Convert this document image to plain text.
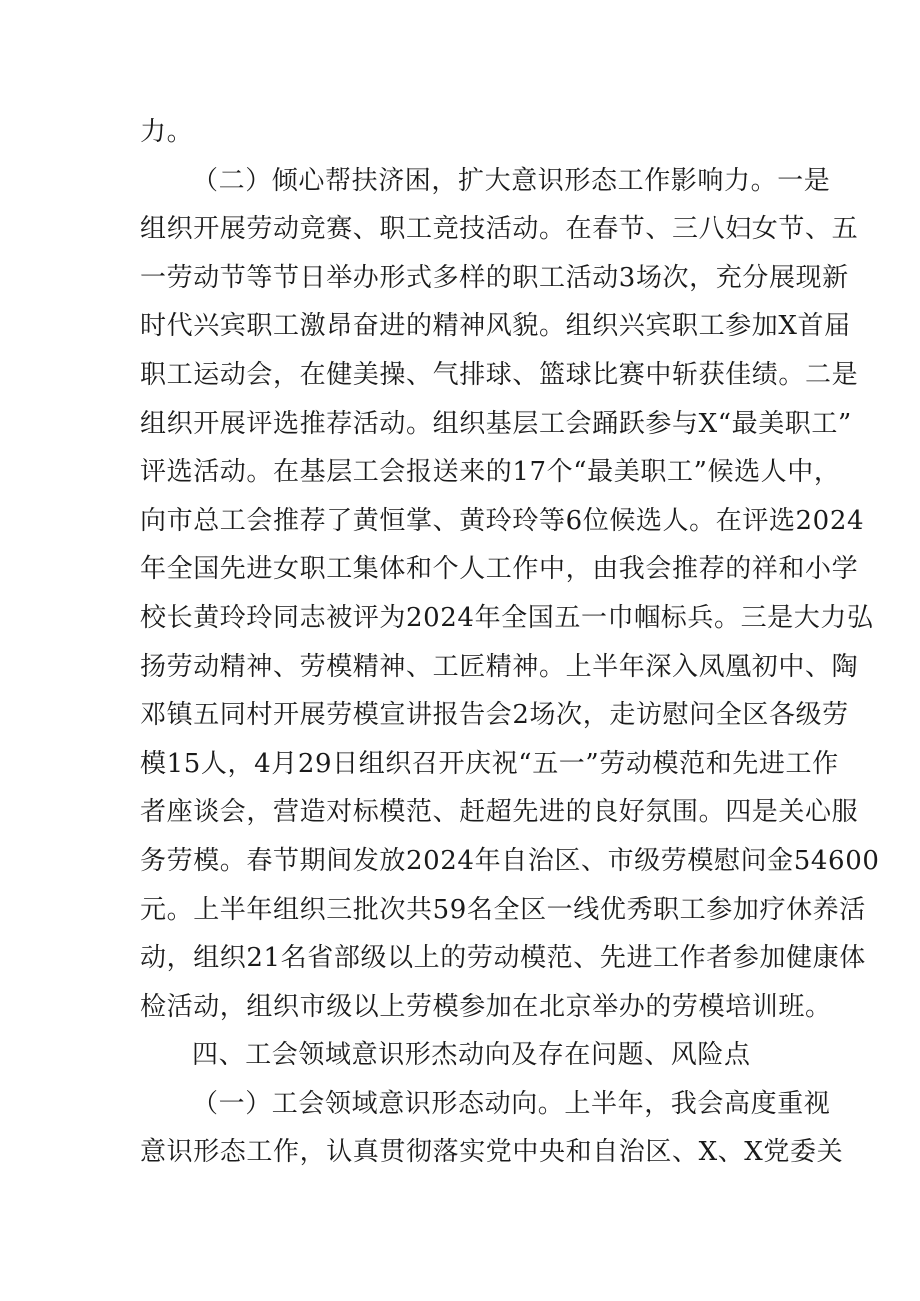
力。
（二）倾心帮扶济困，扩大意识形态工作影响力。一是
组织开展劳动竞赛、职工竞技活动。在春节、三八妇女节、五
一劳动节等节日举办形式多样的职工活动3场次，充分展现新
时代兴宾职工激昂奋进的精神风貌。组织兴宾职工参加X首届
职工运动会，在健美操、气排球、篮球比赛中斩获佳绩。二是
组织开展评选推荐活动。组织基层工会踊跃参与X“最美职工”
评选活动。在基层工会报送来的17个“最美职工”候选人中，
向市总工会推荐了黄恒掌、黄玲玲等6位候选人。在评选2024
年全国先进女职工集体和个人工作中，由我会推荐的祥和小学
校长黄玲玲同志被评为2024年全国五一巾帼标兵。三是大力弘
扬劳动精神、劳模精神、工匠精神。上半年深入凤凰初中、陶
邓镇五同村开展劳模宣讲报告会2场次，走访慰问全区各级劳
模15人，4月29日组织召开庆祝“五一”劳动模范和先进工作
者座谈会，营造对标模范、赶超先进的良好氛围。四是关心服
务劳模。春节期间发放2024年自治区、市级劳模慰问金54600
元。上半年组织三批次共59名全区一线优秀职工参加疗休养活
动，组织21名省部级以上的劳动模范、先进工作者参加健康体
检活动，组织市级以上劳模参加在北京举办的劳模培训班。
四、工会领域意识形杰动向及存在问题、风险点
（一）工会领域意识形态动向。上半年，我会高度重视
意识形态工作，认真贯彻落实党中央和自治区、X、X党委关
